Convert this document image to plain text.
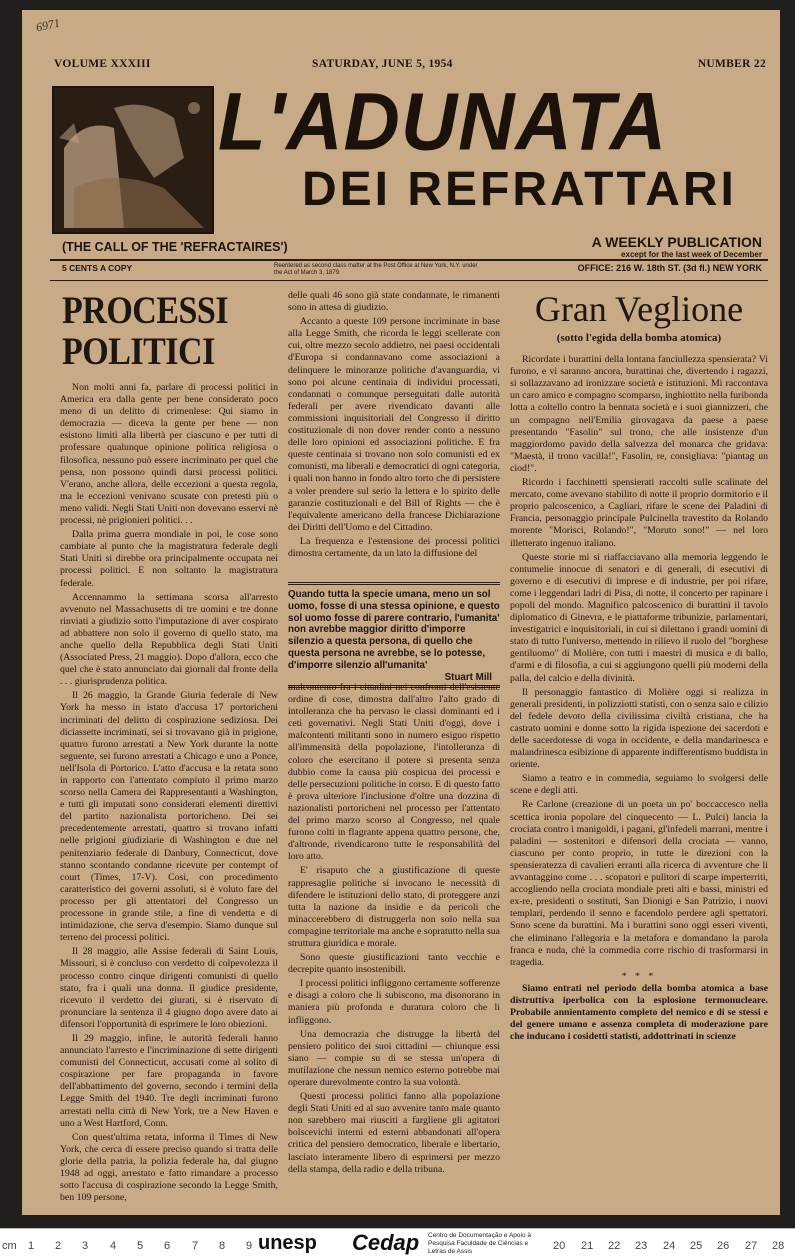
6971
VOLUME XXXIII	SATURDAY, JUNE 5, 1954	NUMBER 22
L'ADUNATA
DEI REFRATTARI
(THE CALL OF THE 'REFRACTAIRES')	A WEEKLY PUBLICATION
except for the last week of December
5 CENTS A COPY	Reentered as second class matter at the Post Office at New York, N.Y. under the Act of March 3, 1879.	OFFICE: 216 W. 18th ST. (3d fl.) NEW YORK
PROCESSI POLITICI

Non molti anni fa, parlare di processi politici in America era dalla gente per bene considerato poco meno di un delitto di crimenlese: Qui siamo in democrazia — diceva la gente per bene — non esistono limiti alla libertà per ciascuno e per tutti di professare qualunque opinione politica religiosa o filosofica, nessuno può essere incriminato per quel che pensa, non possono quindi darsi processi politici. V'erano, anche allora, delle eccezioni a questa regola, ma le eccezioni venivano scusate con pretesti più o meno validi. Negli Stati Uniti non dovevano esservi nè processi, nè prigionieri politici. . .

Dalla prima guerra mondiale in poi, le cose sono cambiate al punto che la magistratura federale degli Stati Uniti si direbbe ora principalmente occupata nei processi politici. E non soltanto la magistratura federale.

Accennammo la settimana scorsa all'arresto avvenuto nel Massachusetts di tre uomini e tre donne rinviati a giudizio sotto l'imputazione di aver cospirato ad abbattere non solo il governo di quello stato, ma anche quello della Repubblica degli Stati Uniti (Associated Press, 21 maggio). Dopo d'allora, ecco che quel che è stato annunciato dai giornali dal fronte della . . . giurisprudenza politica.

Il 26 maggio, la Grande Giuria federale di New York ha messo in istato d'accusa 17 portoricheni incriminati del delitto di cospirazione sediziosa. Dei diciassette incriminati, sei si trovavano già in prigione, quattro furono arrestati a New York durante la notte seguente, sei furono arrestati a Chicago e uno a Ponce, nell'Isola di Portorico. L'atto d'accusa e la retata sono in rapporto con l'attentato compiuto il primo marzo scorso nella Camera dei Rappresentanti a Washington, e tutti gli imputati sono considerati elementi direttivi del partito nazionalista portoricheno. Dei sei precedentemente arrestati, quattro si trovano infatti nelle prigioni giudiziarie di Washington e due nel penitenziario federale di Danbury, Connecticut, dove stanno scontando condanne ricevute per contempt of court (Times, 17-V). Così, con procedimento caratteristico dei governi assoluti, si è voluto fare del processo per gli attentatori del Congresso un processone in grande stile, a fine di vendetta e di intimidazione, che serva d'esempio. Siamo dunque sul terreno dei processi politici.

Il 28 maggio, alle Assise federali di Saint Louis, Missouri, si è concluso con verdetto di colpevolezza il processo contro cinque dirigenti comunisti di quello stato, fra i quali una donna. Il giudice presidente, ricevuto il verdetto dei giurati, si è riservato di pronunciare la sentenza il 4 giugno dopo avere dato ai difensori l'opportunità di esprimere le loro obiezioni.

Il 29 maggio, infine, le autorità federali hanno annunciato l'arresto e l'incriminazione di sette dirigenti comunisti del Connecticut, accusati come al solito di cospirazione per fare propaganda in favore dell'abbattimento del governo, secondo i termini della Legge Smith del 1940. Tre degli incriminati furono arrestati nella città di New York, tre a New Haven e uno a West Hartford, Conn.

Con quest'ultima retata, informa il Times di New York, che cerca di essere preciso quando si tratta delle glorie della patria, la polizia federale ha, dal giugno 1948 ad oggi, arrestato e fatto rimandare a processo sotto l'accusa di cospirazione secondo la Legge Smith, ben 109 persone,

delle quali 46 sono già state condannate, le rimanenti sono in attesa di giudizio.

Accanto a queste 109 persone incriminate in base alla Legge Smith, che ricorda le leggi scellerate con cui, oltre mezzo secolo addietro, nei paesi occidentali d'Europa si condannavano come associazioni a delinquere le minoranze politiche d'avanguardia, vi sono poi alcune centinaia di individui processati, condannati o comunque perseguitati dalle autorità federali per avere rivendicato davanti alle commissioni inquisitoriali del Congresso il diritto costituzionale di non dover render conto a nessuno delle loro opinioni ed associazioni politiche. E fra queste centinaia si trovano non solo comunisti ed ex comunisti, ma liberali e democratici di ogni categoria, i quali non hanno in fondo altro torto che di persistere a voler prendere sul serio la lettera e lo spirito delle garanzie costituzionali e del Bill of Rights — che è l'equivalente americano della francese Dichiarazione dei Diritti dell'Uomo e del Cittadino.

La frequenza e l'estensione dei processi politici dimostra certamente, da un lato la diffusione del

Quando tutta la specie umana, meno un sol uomo, fosse di una stessa opinione, e questo sol uomo fosse di parere contrario, l'umanita' non avrebbe maggior diritto d'imporre silenzio a questa persona, di quello che questa persona ne avrebbe, se lo potesse, d'imporre silenzio all'umanita'
Stuart Mill

malcontento fra i cittadini nei confronti dell'esistente ordine di cose, dimostra dall'altro l'alto grado di intolleranza che ha pervaso le classi dominanti ed i ceti governativi. Negli Stati Uniti d'oggi, dove i malcontenti militanti sono in numero esiguo rispetto all'immensità della popolazione, l'intolleranza di coloro che esercitano il potere si presenta senza dubbio come la causa più cospicua dei processi e delle persecuzioni politiche in corso. E di questo fatto è prova ulteriore l'inclusione d'oltre una dozzina di nazionalisti portoricheni nel processo per l'attentato del primo marzo scorso al Congresso, nel quale furono colti in flagrante appena quattro persone, che, d'altronde, rivendicarono tutte le responsabilità del loro atto.

E' risaputo che a giustificazione di queste rappresaglie politiche si invocano le necessità di difendere le istituzioni dello stato, di proteggere anzi tutta la nazione da insidie e da pericoli che minaccerebbero di distruggerla non solo nella sua compagine territoriale ma anche e sopratutto nella sua struttura giuridica e morale.

Sono queste giustificazioni tanto vecchie e decrepite quanto insostenibili.

I processi politici infliggono certamente sofferenze e disagi a coloro che li subiscono, ma disonorano in maniera più profonda e duratura coloro che li infliggono.

Una democrazia che distrugge la libertà del pensiero politico dei suoi cittadini — chiunque essi siano — compie su di se stessa un'opera di mutilazione che nessun nemico esterno potrebbe mai operare durevolmente contro la sua volontà.

Questi processi politici fanno alla popolazione degli Stati Uniti ed al suo avvenire tanto male quanto non sarebbero mai riusciti a fargliene gli agitatori bolscevichi interni ed esterni abbandonati all'opera critica del pensiero democratico, liberale e libertario, lasciato interamente libero di esprimersi per mezzo della stampa, della radio e della tribuna.

Gran Veglione
(sotto l'egida della bomba atomica)

Ricordate i burattini della lontana fanciullezza spensierata? Vi furono, e vi saranno ancora, burattinai che, divertendo i ragazzi, si sollazzavano ad ironizzare società e istituzioni. Mi raccontava un caro amico e compagno scomparso, inghiottito nella furibonda lotta a coltello contro la bennata società e i suoi giannizzeri, che un compagno nell'Emilia girovagava da paese a paese presentando "Fasolin" sul trono, che alle insistenze d'un maggiordomo pavido della salvezza del monarca che gridava: "Maestà, il trono vacilla!", Fasolin, re, consigliava: "piantag un ciod!".

Ricordo i facchinetti spensierati raccolti sulle scalinate del mercato, come avevano stabilito di notte il proprio dormitorio e il proprio palcoscenico, a Cagliari, rifare le scene dei Paladini di Francia, personaggio principale Pulcinella travestito da Rolando morente "Morisci, Rolando!", "Moruto sono!" — nel loro illetterato ingenuo italiano.

Queste storie mi si riaffacciavano alla memoria leggendo le contumelie innocue di senatori e di generali, di esecutivi di governo e di esecutivi di imprese e di industrie, per poi rifare, come i leggendari ladri di Pisa, di notte, il concerto per rapinare i popoli del mondo. Magnifico palcoscenico di burattini il tavolo diplomatico di Ginevra, e le piattaforme tribunizie, parlamentari, investigatrici e inquisitoriali, in cui si dilettano i grandi uomini di stato di tutto l'universo, mettendo in rilievo il ruolo del "borghese gentiluomo" di Molière, con tutti i maestri di musica e di ballo, d'armi e di filosofia, a cui si aggiungono quelli più moderni della palla, del calcio e della divinità.

Il personaggio fantastico di Molière oggi si realizza in generali presidenti, in polizziotti statisti, con o senza saio e cilizio del fedele devoto della civilissima civiltà cristiana, che ha castrato uomini e donne sotto la rigida ispezione dei sacerdoti e delle sacerdotesse di voga in occidente, e della mandarinesca e malandrinesca esibizione di apparente indifferentismo buddista in oriente.

Siamo a teatro e in commedia, seguiamo lo svolgersi delle scene e degli atti.

Re Carlone (creazione di un poeta un po' boccaccesco nella scettica ironia popolare del cinquecento — L. Pulci) lancia la crociata contro i manigoldi, i pagani, gl'infedeli marrani, mentre i paladini — sostenitori e difensori della crociata — vanno, ciascuno per conto proprio, in tutte le direzioni con la spensieratezza di cavalieri erranti alla ricerca di avventure che li avvantaggino come . . . scopatori e pulitori di scarpe imperterriti, accogliendo nella crociata mondiale preti alti e bassi, ministri ed ex-re, presidenti o sostituti, San Dionigi e San Patrizio, i nuovi templari, perdendo il senno e facendolo perdere agli spettatori. Sono scene da burattini. Ma i burattini sono oggi esseri viventi, che eliminano l'allegoria e la metafora e domandano la parola franca e nuda, chè la commedia corre rischio di trasformarsi in tragedia.

* * *

Siamo entrati nel periodo della bomba atomica a base distruttiva iperbolica con la esplosione termonucleare. Probabile annientamento completo del nemico e di se stessi e del genere umano e assenza completa di moderazione pare che inducano i cosidetti statisti, addottrinati in scienze

cm 1 2 3 4 5 6 7 8 9 unesp Cedap Centro de Documentação e Apoio à Pesquisa Faculdade de Ciências e Letras de Assis	20 21 22 23 24 25 26 27 28
